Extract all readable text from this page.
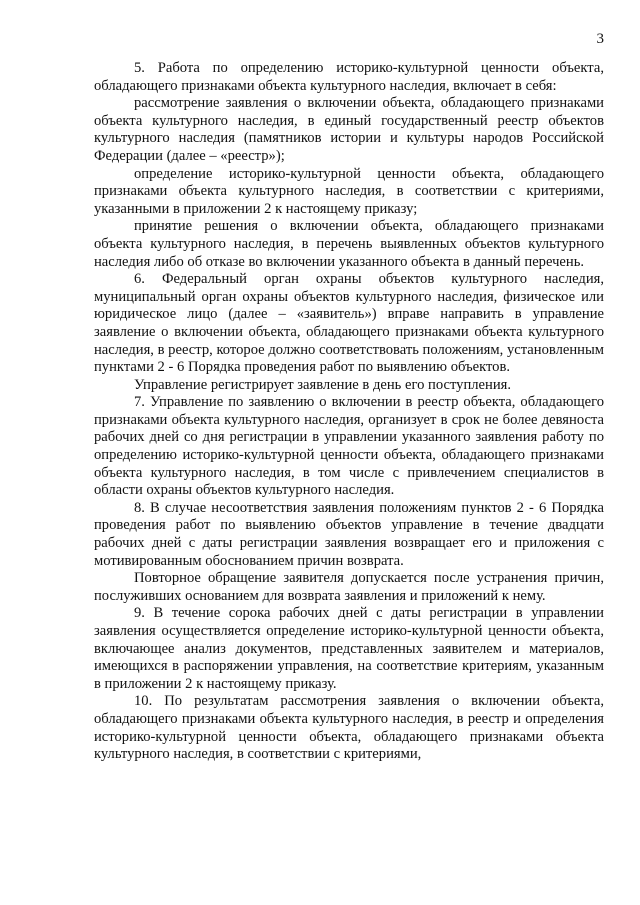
3

5. Работа по определению историко-культурной ценности объекта, обладающего признаками объекта культурного наследия, включает в себя:

рассмотрение заявления о включении объекта, обладающего признаками объекта культурного наследия, в единый государственный реестр объектов культурного наследия (памятников истории и культуры народов Российской Федерации (далее – «реестр»);

определение историко-культурной ценности объекта, обладающего признаками объекта культурного наследия, в соответствии с критериями, указанными в приложении 2 к настоящему приказу;

принятие решения о включении объекта, обладающего признаками объекта культурного наследия, в перечень выявленных объектов культурного наследия либо об отказе во включении указанного объекта в данный перечень.

6. Федеральный орган охраны объектов культурного наследия, муниципальный орган охраны объектов культурного наследия, физическое или юридическое лицо (далее – «заявитель») вправе направить в управление заявление о включении объекта, обладающего признаками объекта культурного наследия, в реестр, которое должно соответствовать положениям, установленным пунктами 2 - 6 Порядка проведения работ по выявлению объектов.

Управление регистрирует заявление в день его поступления.

7. Управление по заявлению о включении в реестр объекта, обладающего признаками объекта культурного наследия, организует в срок не более девяноста рабочих дней со дня регистрации в управлении указанного заявления работу по определению историко-культурной ценности объекта, обладающего признаками объекта культурного наследия, в том числе с привлечением специалистов в области охраны объектов культурного наследия.

8. В случае несоответствия заявления положениям пунктов 2 - 6 Порядка проведения работ по выявлению объектов управление в течение двадцати рабочих дней с даты регистрации заявления возвращает его и приложения с мотивированным обоснованием причин возврата.

Повторное обращение заявителя допускается после устранения причин, послуживших основанием для возврата заявления и приложений к нему.

9. В течение сорока рабочих дней с даты регистрации в управлении заявления осуществляется определение историко-культурной ценности объекта, включающее анализ документов, представленных заявителем и материалов, имеющихся в распоряжении управления, на соответствие критериям, указанным в приложении 2 к настоящему приказу.

10. По результатам рассмотрения заявления о включении объекта, обладающего признаками объекта культурного наследия, в реестр и определения историко-культурной ценности объекта, обладающего признаками объекта культурного наследия, в соответствии с критериями,
